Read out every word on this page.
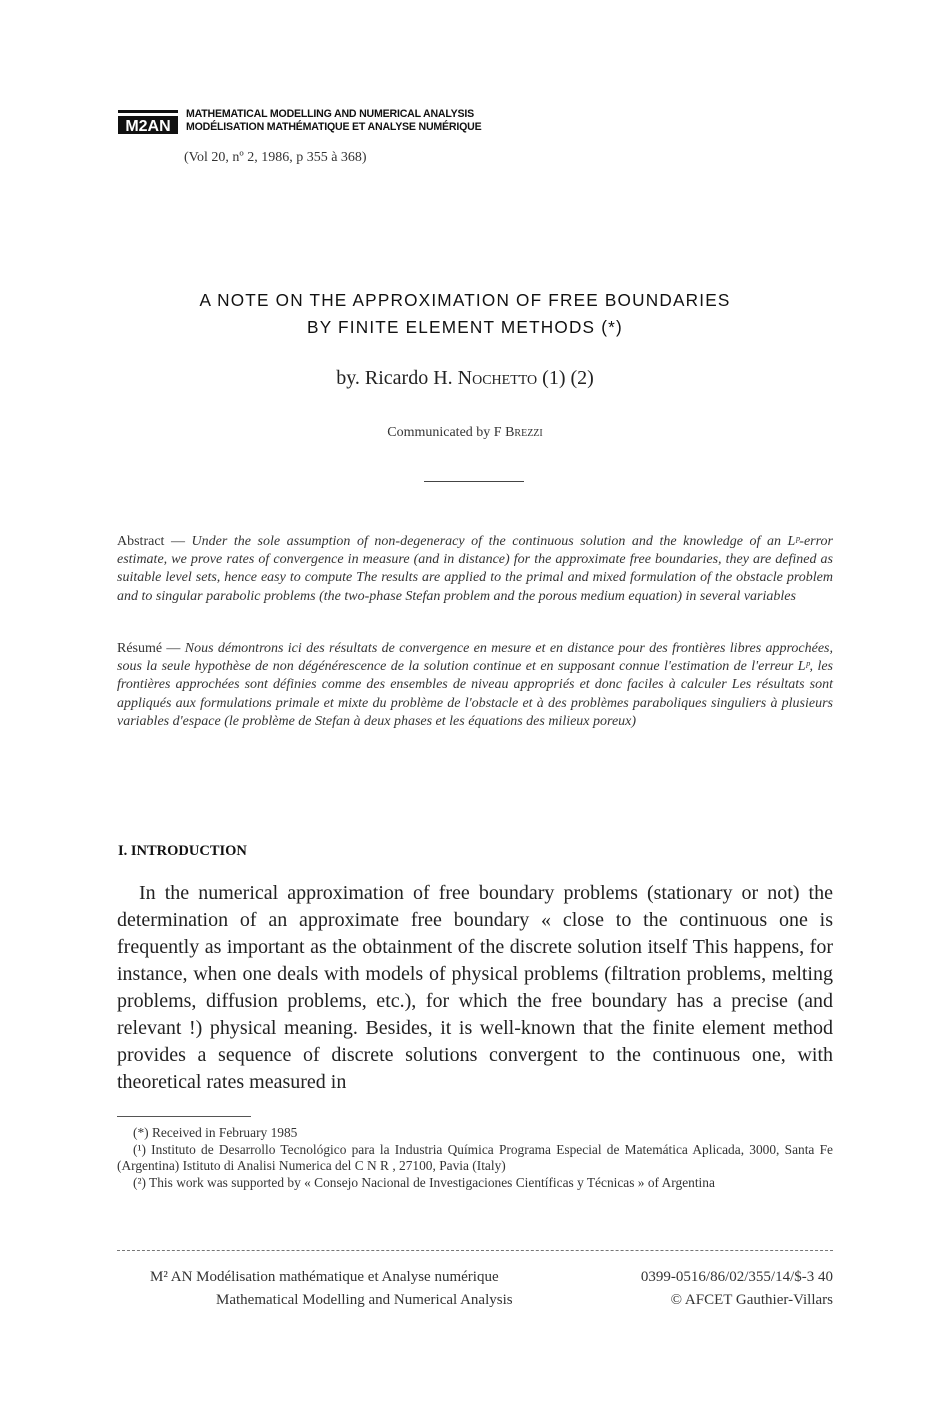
M2AN
MATHEMATICAL MODELLING AND NUMERICAL ANALYSIS
MODÉLISATION MATHÉMATIQUE ET ANALYSE NUMÉRIQUE
(Vol 20, nº 2, 1986, p 355 à 368)
A NOTE ON THE APPROXIMATION OF FREE BOUNDARIES
BY FINITE ELEMENT METHODS (*)
by. Ricardo H. Nochetto (1) (2)
Communicated by F Brezzi
Abstract — Under the sole assumption of non-degeneracy of the continuous solution and the knowledge of an Lᵖ-error estimate, we prove rates of convergence in measure (and in distance) for the approximate free boundaries, they are defined as suitable level sets, hence easy to compute The results are applied to the primal and mixed formulation of the obstacle problem and to singular parabolic problems (the two-phase Stefan problem and the porous medium equation) in several variables
Résumé — Nous démontrons ici des résultats de convergence en mesure et en distance pour des frontières libres approchées, sous la seule hypothèse de non dégénérescence de la solution continue et en supposant connue l'estimation de l'erreur Lᵖ, les frontières approchées sont définies comme des ensembles de niveau appropriés et donc faciles à calculer Les résultats sont appliqués aux formulations primale et mixte du problème de l'obstacle et à des problèmes paraboliques singuliers à plusieurs variables d'espace (le problème de Stefan à deux phases et les équations des milieux poreux)
I. INTRODUCTION

In the numerical approximation of free boundary problems (stationary or not) the determination of an approximate free boundary « close to the continuous one is frequently as important as the obtainment of the discrete solution itself This happens, for instance, when one deals with models of physical problems (filtration problems, melting problems, diffusion problems, etc.), for which the free boundary has a precise (and relevant !) physical meaning. Besides, it is well-known that the finite element method provides a sequence of discrete solutions convergent to the continuous one, with theoretical rates measured in

(*) Received in February 1985

(¹) Instituto de Desarrollo Tecnológico para la Industria Química Programa Especial de Matemática Aplicada, 3000, Santa Fe (Argentina) Istituto di Analisi Numerica del C N R , 27100, Pavia (Italy)

(²) This work was supported by « Consejo Nacional de Investigaciones Científicas y Técnicas » of Argentina

M² AN Modélisation mathématique et Analyse numérique	0399-0516/86/02/355/14/$-3 40
Mathematical Modelling and Numerical Analysis	© AFCET Gauthier-Villars
